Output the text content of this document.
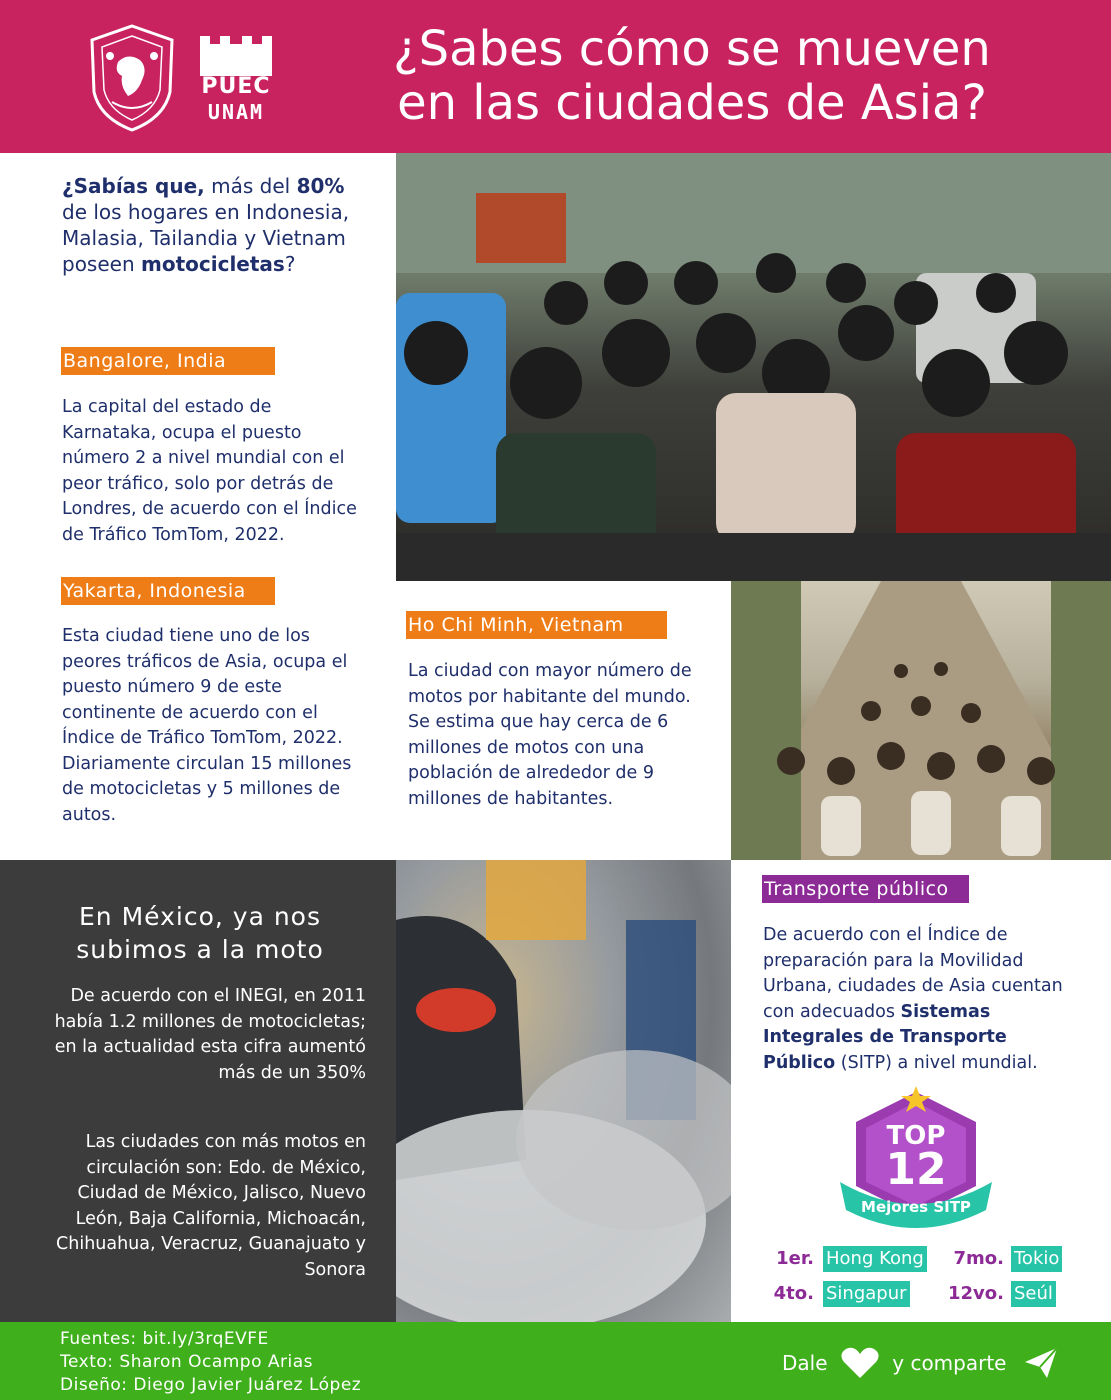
PUEC
UNAM
¿Sabes cómo se mueven
en las ciudades de Asia?
¿Sabías que, más del 80% de los hogares en Indonesia, Malasia, Tailandia y Vietnam poseen motocicletas?
Bangalore, India
La capital del estado de Karnataka, ocupa el puesto número 2 a nivel mundial con el peor tráfico, solo por detrás de Londres, de acuerdo con el Índice de Tráfico TomTom, 2022.
Yakarta, Indonesia
Esta ciudad tiene uno de los peores tráficos de Asia, ocupa el puesto número 9 de este continente de acuerdo con el Índice de Tráfico TomTom, 2022. Diariamente circulan 15 millones de motocicletas y 5 millones de autos.
Ho Chi Minh, Vietnam
La ciudad con mayor número de motos por habitante del mundo. Se estima que hay cerca de 6 millones de motos con una población de alrededor de 9 millones de habitantes.
En México, ya nos subimos a la moto
De acuerdo con el INEGI, en 2011 había 1.2 millones de motocicletas; en la actualidad esta cifra aumentó más de un 350%
Las ciudades con más motos en circulación son: Edo. de México, Ciudad de México, Jalisco, Nuevo León, Baja California, Michoacán, Chihuahua, Veracruz, Guanajuato y Sonora
Transporte público
De acuerdo con el Índice de preparación para la Movilidad Urbana, ciudades de Asia cuentan con adecuados Sistemas Integrales de Transporte Público (SITP) a nivel mundial.
TOP
12
Mejores SITP
1er. Hong Kong
4to. Singapur
7mo. Tokio
12vo. Seúl
Fuentes: bit.ly/3rqEVFE
Texto: Sharon Ocampo Arias
Diseño: Diego Javier Juárez López
Dale	y comparte
